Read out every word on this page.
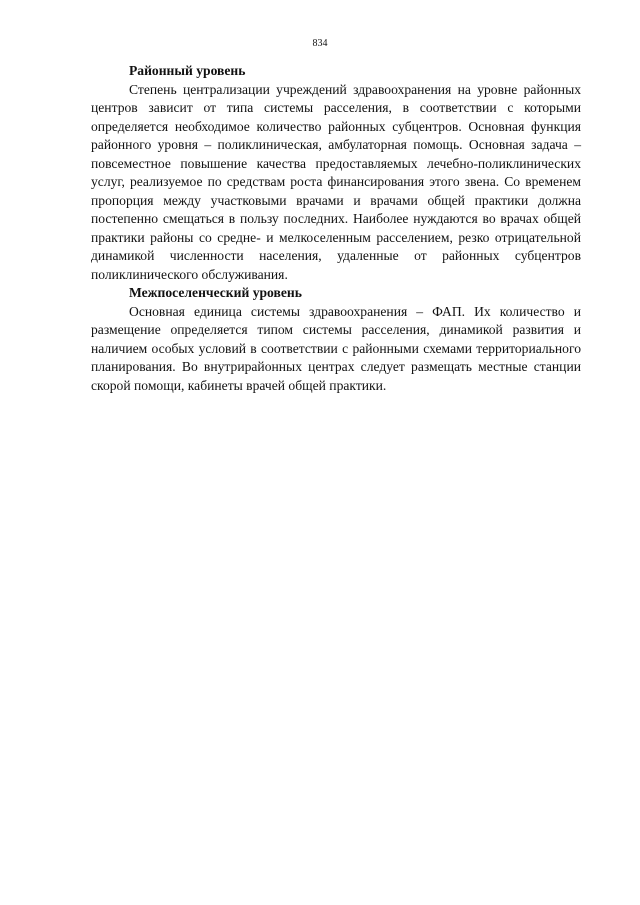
834

Районный уровень

Степень централизации учреждений здравоохранения на уровне районных центров зависит от типа системы расселения, в соответствии с которыми определяется необходимое количество районных субцентров. Основная функция районного уровня – поликлиническая, амбулаторная помощь. Основная задача – повсеместное повышение качества предоставляемых лечебно-поликлинических услуг, реализуемое по средствам роста финансирования этого звена. Со временем пропорция между участковыми врачами и врачами общей практики должна постепенно смещаться в пользу последних. Наиболее нуждаются во врачах общей практики районы со средне- и мелкоселенным расселением, резко отрицательной динамикой численности населения, удаленные от районных субцентров поликлинического обслуживания.

Межпоселенческий уровень

Основная единица системы здравоохранения – ФАП. Их количество и размещение определяется типом системы расселения, динамикой развития и наличием особых условий в соответствии с районными схемами территориального планирования. Во внутрирайонных центрах следует размещать местные станции скорой помощи, кабинеты врачей общей практики.
